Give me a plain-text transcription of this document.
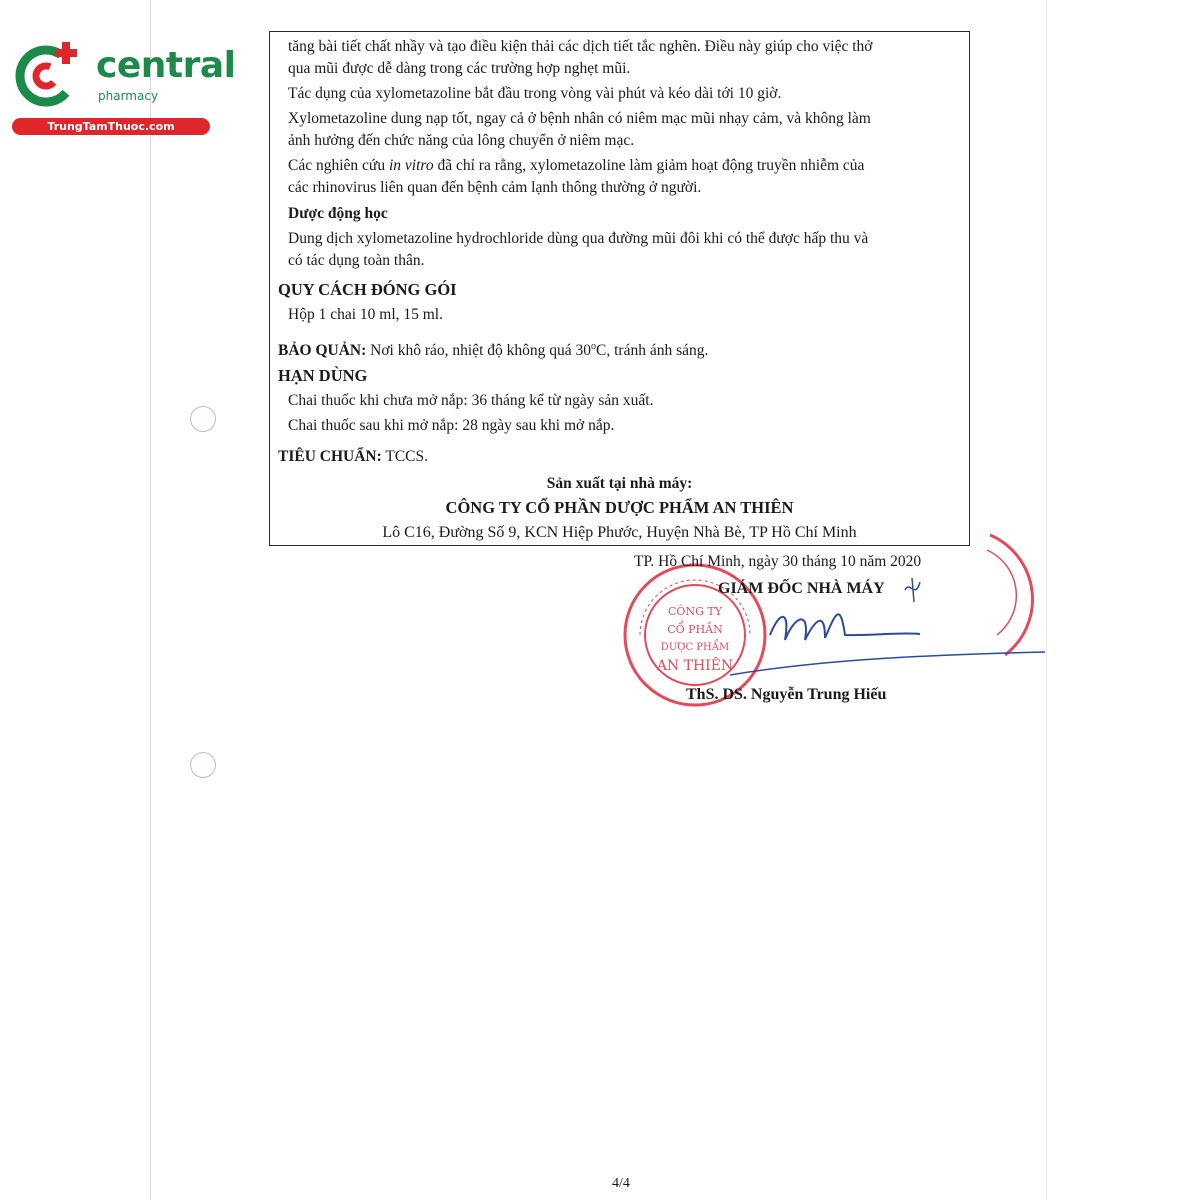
central
pharmacy
TrungTamThuoc.com
tăng bài tiết chất nhầy và tạo điều kiện thải các dịch tiết tắc nghẽn. Điều này giúp cho việc thở
qua mũi được dễ dàng trong các trường hợp nghẹt mũi.
Tác dụng của xylometazoline bắt đầu trong vòng vài phút và kéo dài tới 10 giờ.
Xylometazoline dung nạp tốt, ngay cả ở bệnh nhân có niêm mạc mũi nhạy cảm, và không làm
ảnh hưởng đến chức năng của lông chuyển ở niêm mạc.
Các nghiên cứu in vitro đã chỉ ra rằng, xylometazoline làm giảm hoạt động truyền nhiễm của
các rhinovirus liên quan đến bệnh cảm lạnh thông thường ở người.
Dược động học
Dung dịch xylometazoline hydrochloride dùng qua đường mũi đôi khi có thể được hấp thu và
có tác dụng toàn thân.
QUY CÁCH ĐÓNG GÓI
Hộp 1 chai 10 ml, 15 ml.
BẢO QUẢN: Nơi khô ráo, nhiệt độ không quá 30$^o$C, tránh ánh sáng.
HẠN DÙNG
Chai thuốc khi chưa mở nắp: 36 tháng kể từ ngày sản xuất.
Chai thuốc sau khi mở nắp: 28 ngày sau khi mở nắp.
TIÊU CHUẨN: TCCS.
Sản xuất tại nhà máy:
CÔNG TY CỔ PHẦN DƯỢC PHẨM AN THIÊN
Lô C16, Đường Số 9, KCN Hiệp Phước, Huyện Nhà Bè, TP Hồ Chí Minh
CÔNG TY
CỔ PHẦN
DƯỢC PHẨM
AN THIÊN
TP. Hồ Chí Minh, ngày 30 tháng 10 năm 2020
GIÁM ĐỐC NHÀ MÁY
ThS. DS. Nguyễn Trung Hiếu
4/4
